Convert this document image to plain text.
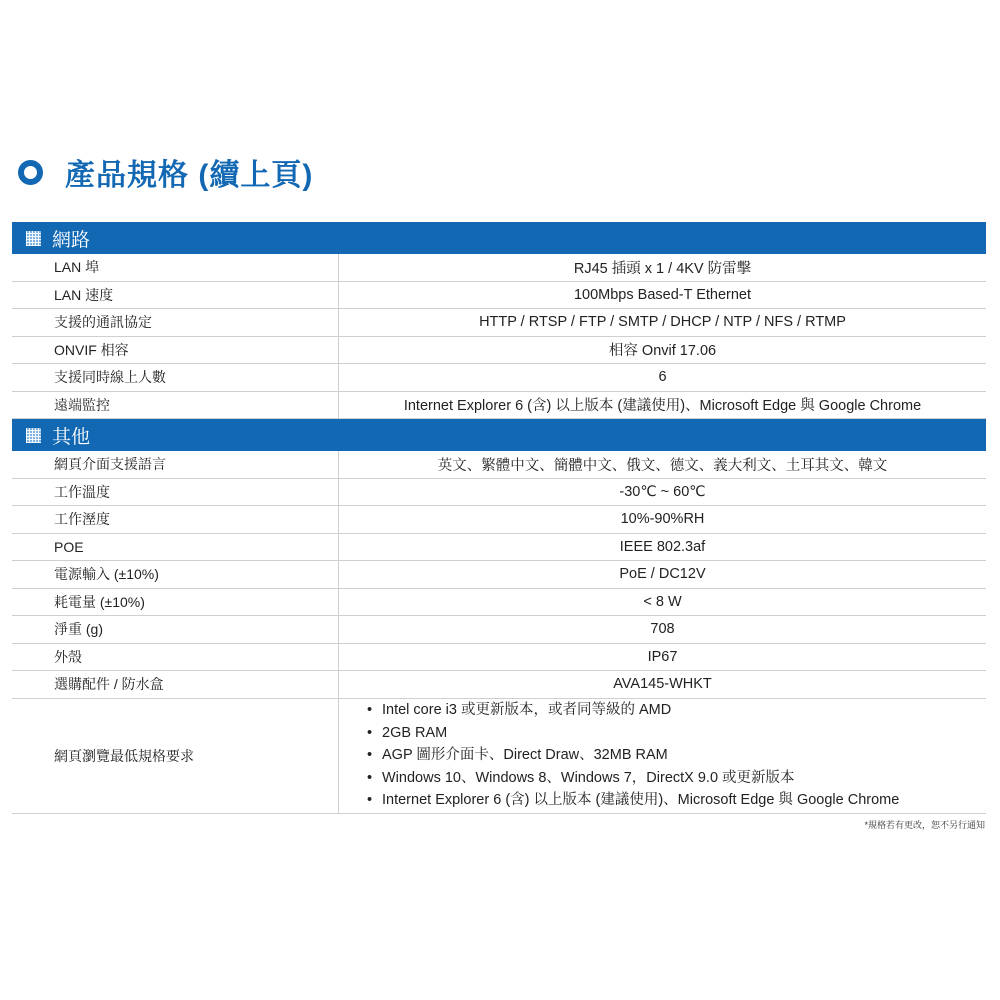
產品規格 (續上頁)
網路
LAN 埠	RJ45 插頭 x 1 / 4KV 防雷擊
LAN 速度	100Mbps Based-T Ethernet
支援的通訊協定	HTTP / RTSP / FTP / SMTP / DHCP / NTP / NFS / RTMP
ONVIF 相容	相容 Onvif 17.06
支援同時線上人數	6
遠端監控	Internet Explorer 6 (含) 以上版本 (建議使用)、Microsoft Edge 與 Google Chrome
其他
網頁介面支援語言	英文、繁體中文、簡體中文、俄文、德文、義大利文、土耳其文、韓文
工作溫度	-30℃ ~ 60℃
工作溼度	10%-90%RH
POE	IEEE 802.3af
電源輸入 (±10%)	PoE / DC12V
耗電量 (±10%)	< 8 W
淨重 (g)	708
外殼	IP67
選購配件 / 防水盒	AVA145-WHKT
網頁瀏覽最低規格要求
• Intel core i3 或更新版本，或者同等級的 AMD
• 2GB RAM
• AGP 圖形介面卡、Direct Draw、32MB RAM
• Windows 10、Windows 8、Windows 7，DirectX 9.0 或更新版本
• Internet Explorer 6 (含) 以上版本 (建議使用)、Microsoft Edge 與 Google Chrome
*規格若有更改，恕不另行通知
